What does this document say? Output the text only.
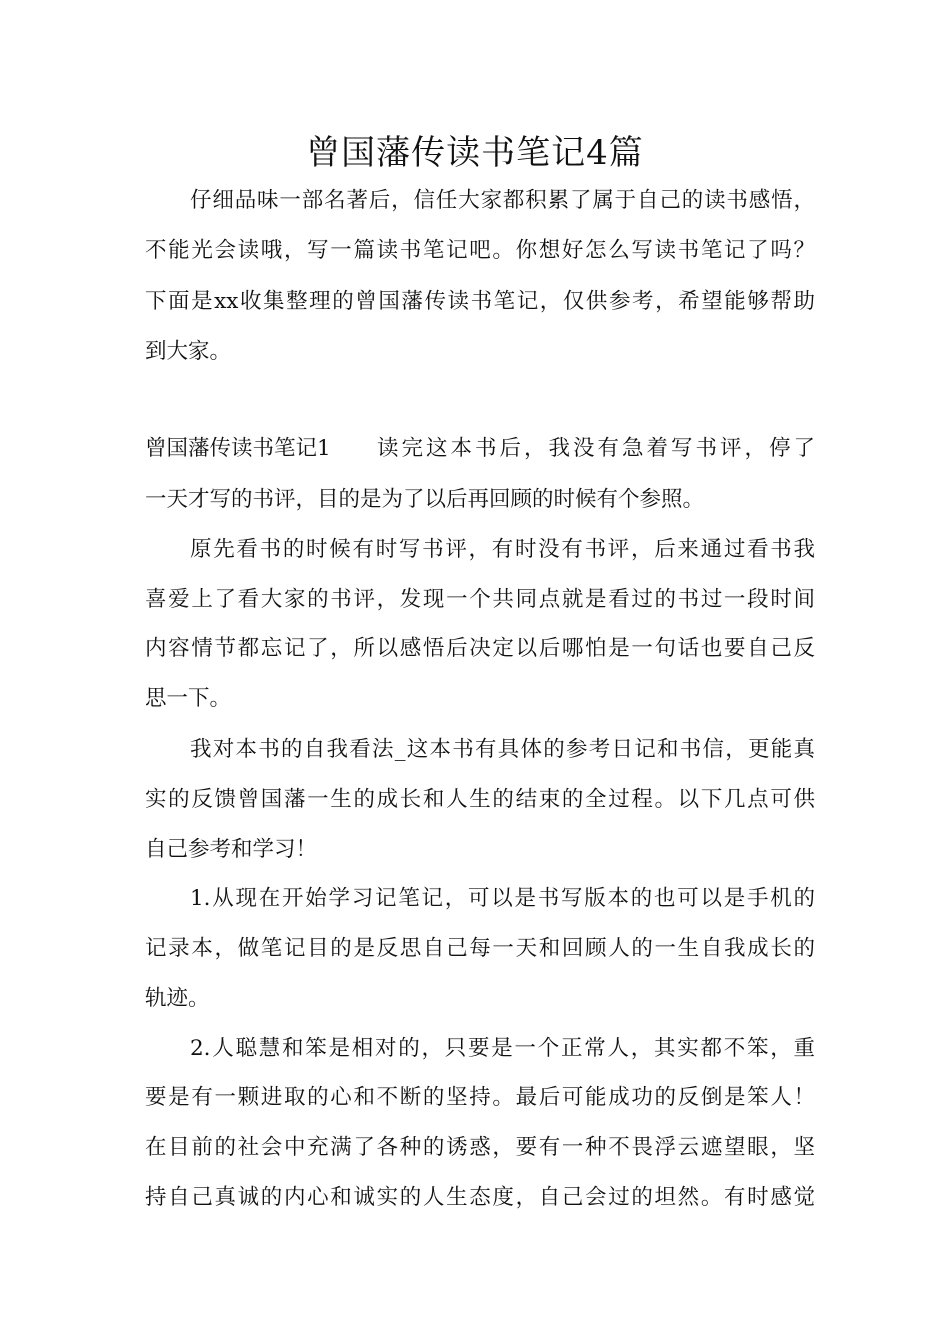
曾国藩传读书笔记4篇

仔细品味一部名著后，信任大家都积累了属于自己的读书感悟，

不能光会读哦，写一篇读书笔记吧。你想好怎么写读书笔记了吗？

下面是xx收集整理的曾国藩传读书笔记，仅供参考，希望能够帮助

到大家。

曾国藩传读书笔记1 读完这本书后，我没有急着写书评，停了

一天才写的书评，目的是为了以后再回顾的时候有个参照。

原先看书的时候有时写书评，有时没有书评，后来通过看书我

喜爱上了看大家的书评，发现一个共同点就是看过的书过一段时间

内容情节都忘记了，所以感悟后决定以后哪怕是一句话也要自己反

思一下。

我对本书的自我看法_这本书有具体的参考日记和书信，更能真

实的反馈曾国藩一生的成长和人生的结束的全过程。以下几点可供

自己参考和学习！

1.从现在开始学习记笔记，可以是书写版本的也可以是手机的

记录本，做笔记目的是反思自己每一天和回顾人的一生自我成长的

轨迹。

2.人聪慧和笨是相对的，只要是一个正常人，其实都不笨，重

要是有一颗进取的心和不断的坚持。最后可能成功的反倒是笨人！

在目前的社会中充满了各种的诱惑，要有一种不畏浮云遮望眼，坚

持自己真诚的内心和诚实的人生态度，自己会过的坦然。有时感觉
